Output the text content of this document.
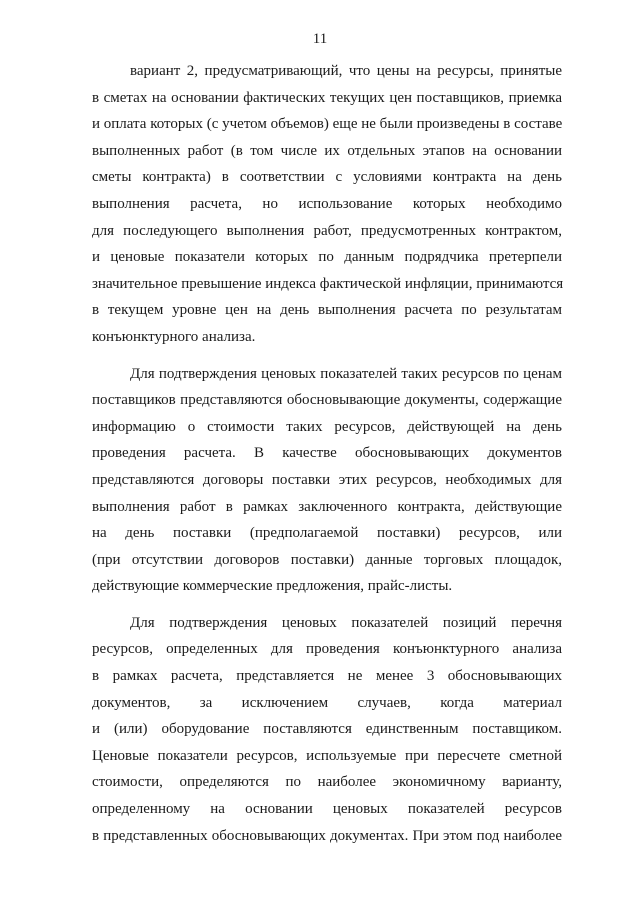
11

вариант 2, предусматривающий, что цены на ресурсы, принятые
в сметах на основании фактических текущих цен поставщиков, приемка
и оплата которых (с учетом объемов) еще не были произведены в составе
выполненных работ (в том числе их отдельных этапов на основании
сметы контракта) в соответствии с условиями контракта на день
выполнения расчета, но использование которых необходимо
для последующего выполнения работ, предусмотренных контрактом,
и ценовые показатели которых по данным подрядчика претерпели
значительное превышение индекса фактической инфляции, принимаются
в текущем уровне цен на день выполнения расчета по результатам
конъюнктурного анализа.

Для подтверждения ценовых показателей таких ресурсов по ценам
поставщиков представляются обосновывающие документы, содержащие
информацию о стоимости таких ресурсов, действующей на день
проведения расчета. В качестве обосновывающих документов
представляются договоры поставки этих ресурсов, необходимых для
выполнения работ в рамках заключенного контракта, действующие
на день поставки (предполагаемой поставки) ресурсов, или
(при отсутствии договоров поставки) данные торговых площадок,
действующие коммерческие предложения, прайс-листы.

Для подтверждения ценовых показателей позиций перечня
ресурсов, определенных для проведения конъюнктурного анализа
в рамках расчета, представляется не менее 3 обосновывающих
документов, за исключением случаев, когда материал
и (или) оборудование поставляются единственным поставщиком.
Ценовые показатели ресурсов, используемые при пересчете сметной
стоимости, определяются по наиболее экономичному варианту,
определенному на основании ценовых показателей ресурсов
в представленных обосновывающих документах. При этом под наиболее
